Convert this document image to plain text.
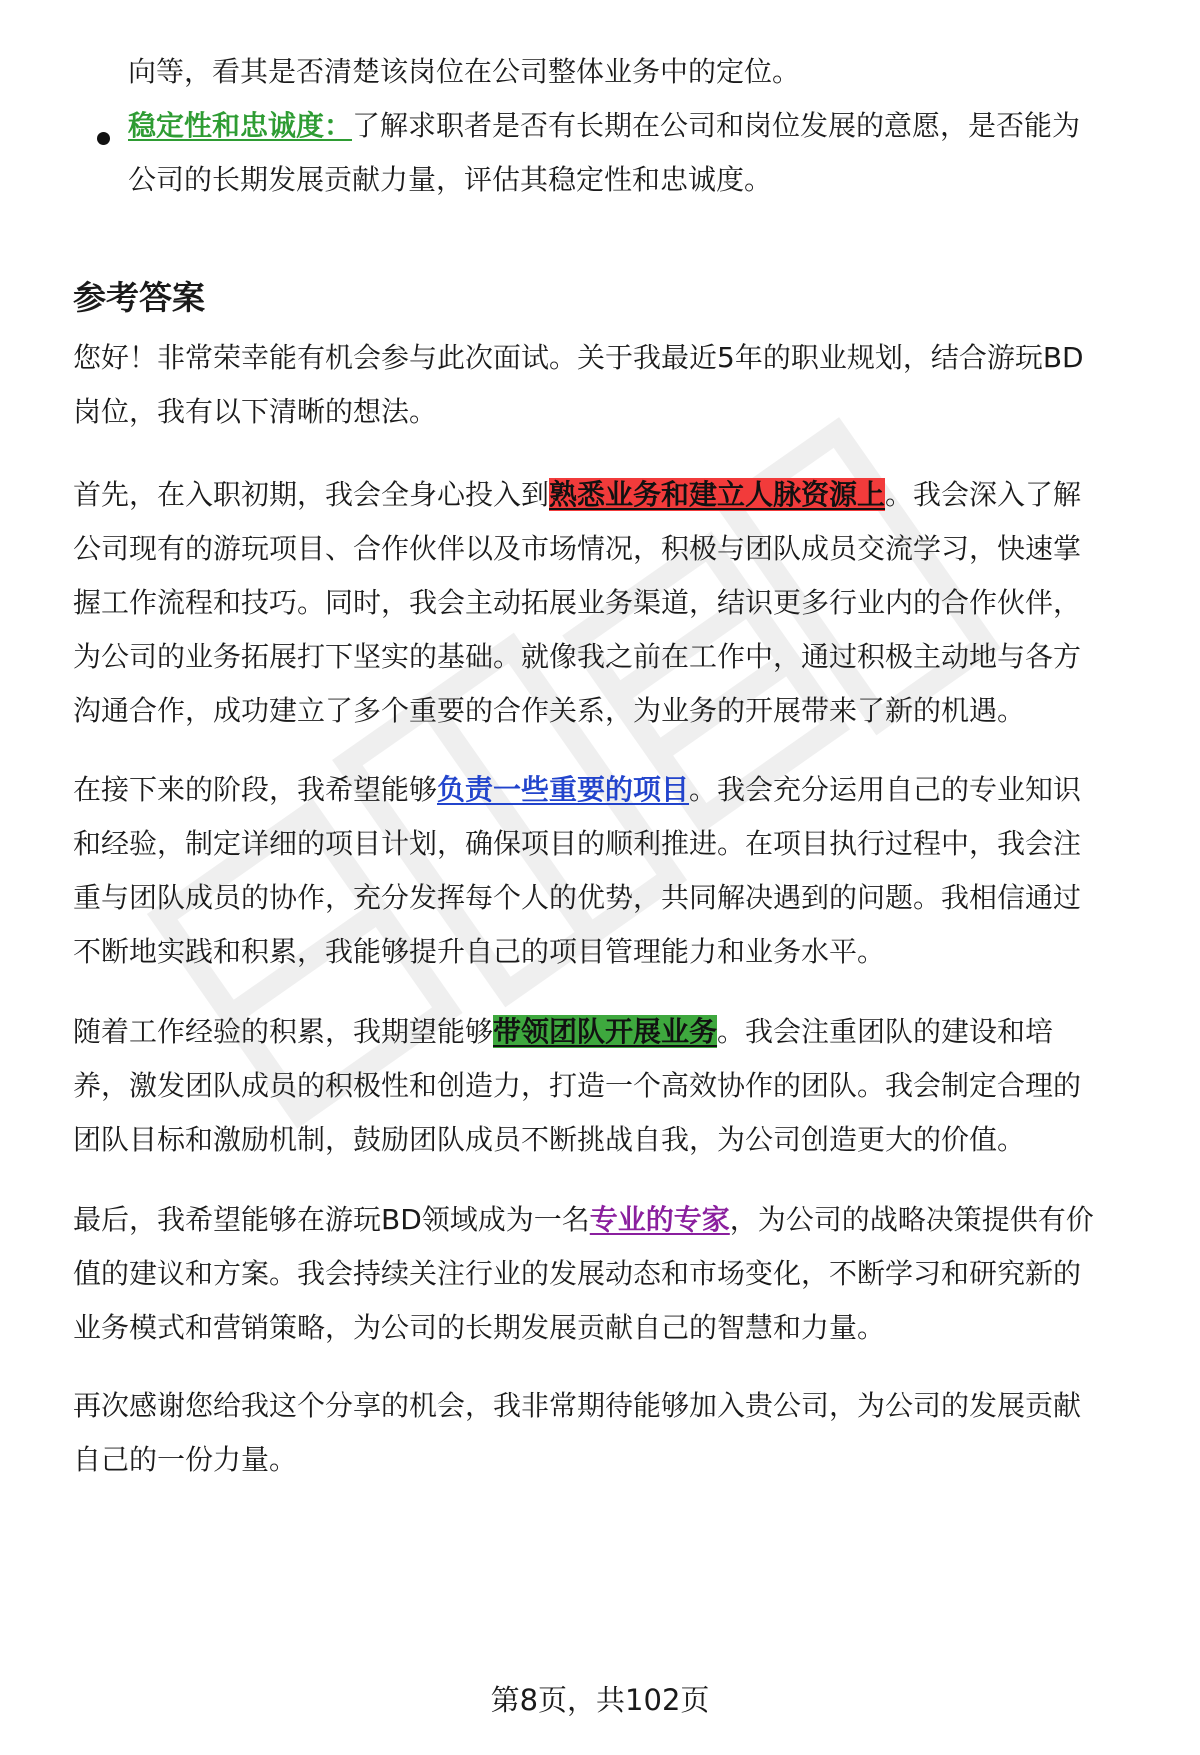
向等，看其是否清楚该岗位在公司整体业务中的定位。

稳定性和忠诚度：了解求职者是否有长期在公司和岗位发展的意愿，是否能为

公司的长期发展贡献力量，评估其稳定性和忠诚度。

参考答案

您好！非常荣幸能有机会参与此次面试。关于我最近5年的职业规划，结合游玩BD

岗位，我有以下清晰的想法。

首先，在入职初期，我会全身心投入到熟悉业务和建立人脉资源上。我会深入了解

公司现有的游玩项目、合作伙伴以及市场情况，积极与团队成员交流学习，快速掌

握工作流程和技巧。同时，我会主动拓展业务渠道，结识更多行业内的合作伙伴，

为公司的业务拓展打下坚实的基础。就像我之前在工作中，通过积极主动地与各方

沟通合作，成功建立了多个重要的合作关系，为业务的开展带来了新的机遇。

在接下来的阶段，我希望能够负责一些重要的项目。我会充分运用自己的专业知识

和经验，制定详细的项目计划，确保项目的顺利推进。在项目执行过程中，我会注

重与团队成员的协作，充分发挥每个人的优势，共同解决遇到的问题。我相信通过

不断地实践和积累，我能够提升自己的项目管理能力和业务水平。

随着工作经验的积累，我期望能够带领团队开展业务。我会注重团队的建设和培

养，激发团队成员的积极性和创造力，打造一个高效协作的团队。我会制定合理的

团队目标和激励机制，鼓励团队成员不断挑战自我，为公司创造更大的价值。

最后，我希望能够在游玩BD领域成为一名专业的专家，为公司的战略决策提供有价

值的建议和方案。我会持续关注行业的发展动态和市场变化，不断学习和研究新的

业务模式和营销策略，为公司的长期发展贡献自己的智慧和力量。

再次感谢您给我这个分享的机会，我非常期待能够加入贵公司，为公司的发展贡献

自己的一份力量。

第8页，共102页
